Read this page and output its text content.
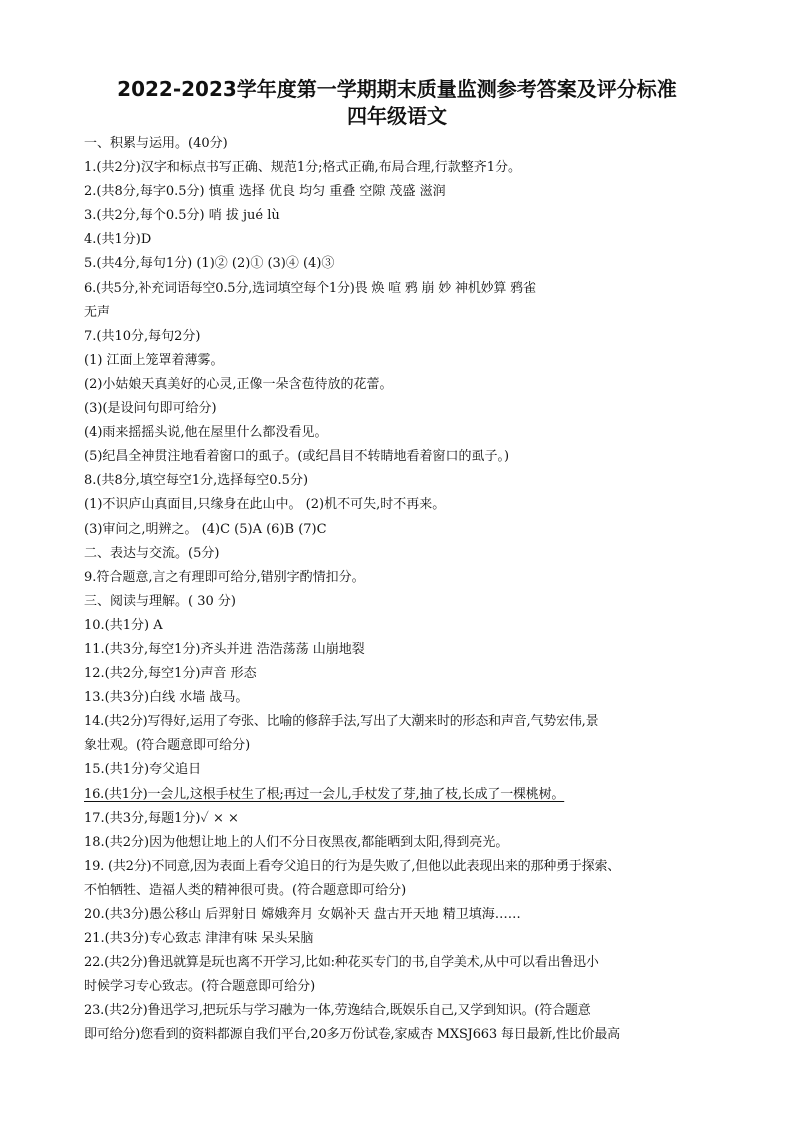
2022-2023学年度第一学期期末质量监测参考答案及评分标准
四年级语文
一、积累与运用。(40分)
1.(共2分)汉字和标点书写正确、规范1分;格式正确,布局合理,行款整齐1分。
2.(共8分,每字0.5分) 慎重 选择 优良 均匀 重叠 空隙 茂盛 滋润
3.(共2分,每个0.5分) 哨 拔 jué lù
4.(共1分)D
5.(共4分,每句1分) (1)② (2)① (3)④ (4)③
6.(共5分,补充词语每空0.5分,选词填空每个1分)畏 焕 喧 鸦 崩 妙 神机妙算 鸦雀
无声
7.(共10分,每句2分)
(1) 江面上笼罩着薄雾。
(2)小姑娘天真美好的心灵,正像一朵含苞待放的花蕾。
(3)(是设问句即可给分)
(4)雨来摇摇头说,他在屋里什么都没看见。
(5)纪昌全神贯注地看着窗口的虱子。(或纪昌目不转睛地看着窗口的虱子。)
8.(共8分,填空每空1分,选择每空0.5分)
(1)不识庐山真面目,只缘身在此山中。 (2)机不可失,时不再来。
(3)审问之,明辨之。 (4)C (5)A (6)B (7)C
二、表达与交流。(5分)
9.符合题意,言之有理即可给分,错别字酌情扣分。
三、阅读与理解。( 30 分)
10.(共1分) A
11.(共3分,每空1分)齐头并进 浩浩荡荡 山崩地裂
12.(共2分,每空1分)声音 形态
13.(共3分)白线 水墙 战马。
14.(共2分)写得好,运用了夸张、比喻的修辞手法,写出了大潮来时的形态和声音,气势宏伟,景
象壮观。(符合题意即可给分)
15.(共1分)夸父追日
16.(共1分)一会儿,这根手杖生了根;再过一会儿,手杖发了芽,抽了枝,长成了一棵桃树。
17.(共3分,每题1分)✓ × ×
18.(共2分)因为他想让地上的人们不分日夜黑夜,都能晒到太阳,得到亮光。
19. (共2分)不同意,因为表面上看夸父追日的行为是失败了,但他以此表现出来的那种勇于探索、
不怕牺牲、造福人类的精神很可贵。(符合题意即可给分)
20.(共3分)愚公移山 后羿射日 嫦娥奔月 女娲补天 盘古开天地 精卫填海……
21.(共3分)专心致志 津津有味 呆头呆脑
22.(共2分)鲁迅就算是玩也离不开学习,比如:种花买专门的书,自学美术,从中可以看出鲁迅小
时候学习专心致志。(符合题意即可给分)
23.(共2分)鲁迅学习,把玩乐与学习融为一体,劳逸结合,既娱乐自己,又学到知识。(符合题意
即可给分)您看到的资料都源自我们平台,20多万份试卷,家威杏 MXSJ663 每日最新,性比价最高
